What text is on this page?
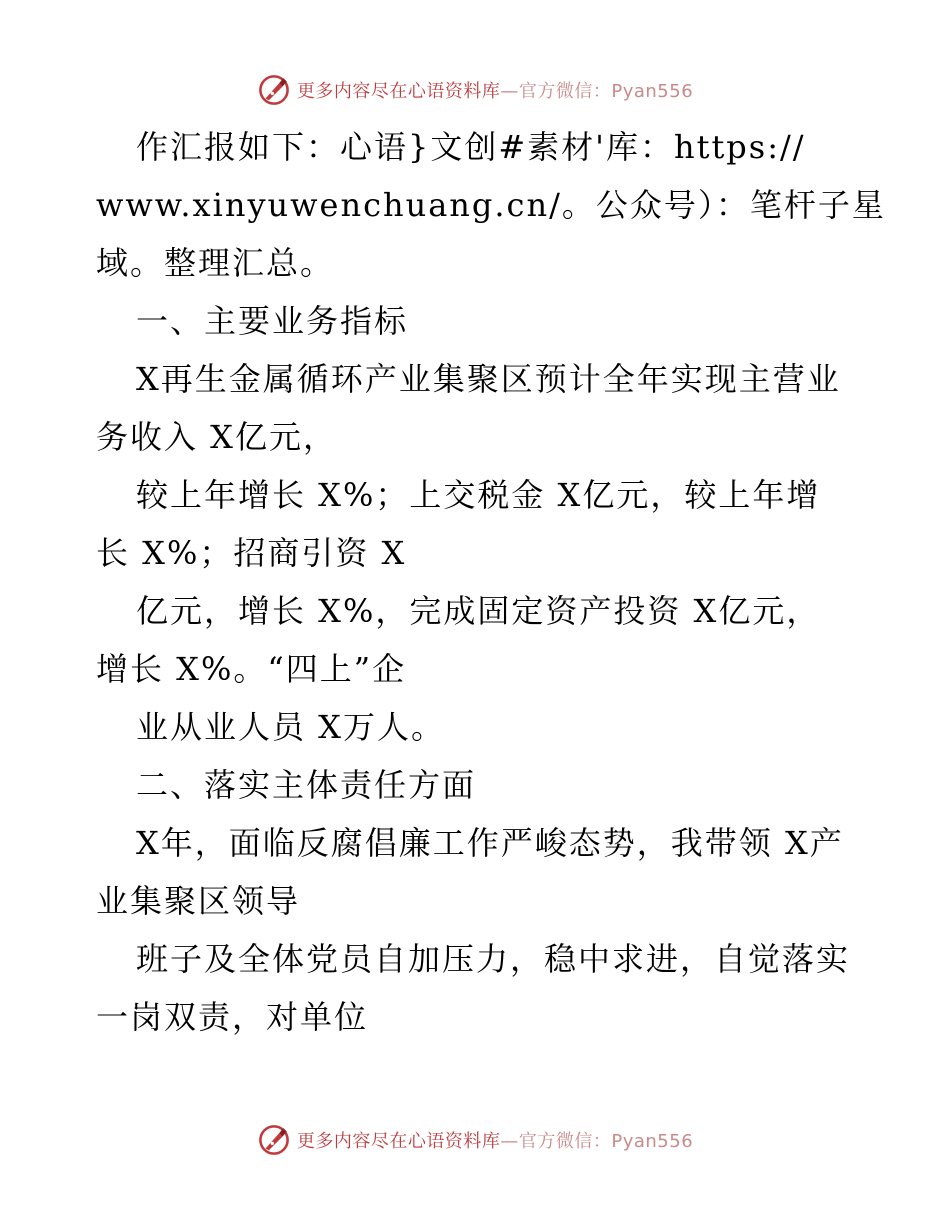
更多内容尽在心语资料库—官方微信：Pyan556

作汇报如下：心语}文创#素材'库：https://

www.xinyuwenchuang.cn/。公众号）：笔杆子星

域。整理汇总。

一、主要业务指标

X再生金属循环产业集聚区预计全年实现主营业

务收入 X亿元，

较上年增长 X%；上交税金 X亿元，较上年增

长 X%；招商引资 X

亿元，增长 X%，完成固定资产投资 X亿元，

增长 X%。“四上”企

业从业人员 X万人。

二、落实主体责任方面

X年，面临反腐倡廉工作严峻态势，我带领 X产

业集聚区领导

班子及全体党员自加压力，稳中求进，自觉落实

一岗双责，对单位

更多内容尽在心语资料库—官方微信：Pyan556
